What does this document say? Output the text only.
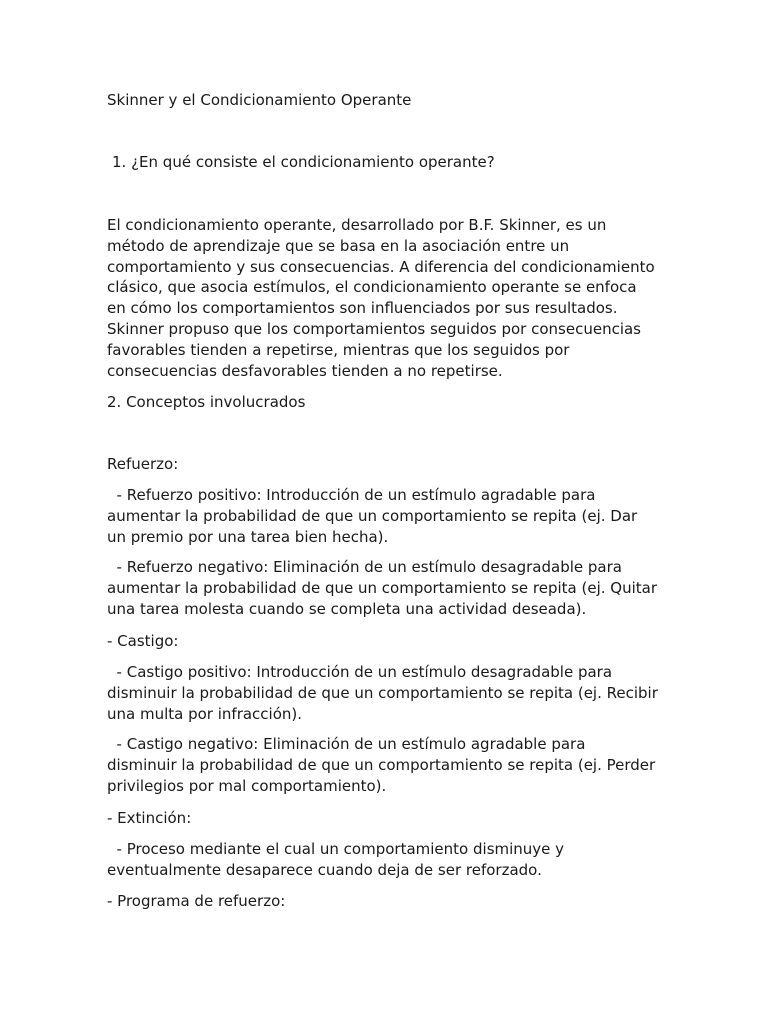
Skinner y el Condicionamiento Operante

1. ¿En qué consiste el condicionamiento operante?

El condicionamiento operante, desarrollado por B.F. Skinner, es un
método de aprendizaje que se basa en la asociación entre un
comportamiento y sus consecuencias. A diferencia del condicionamiento
clásico, que asocia estímulos, el condicionamiento operante se enfoca
en cómo los comportamientos son influenciados por sus resultados.
Skinner propuso que los comportamientos seguidos por consecuencias
favorables tienden a repetirse, mientras que los seguidos por
consecuencias desfavorables tienden a no repetirse.

2. Conceptos involucrados

Refuerzo:

- Refuerzo positivo: Introducción de un estímulo agradable para
aumentar la probabilidad de que un comportamiento se repita (ej. Dar
un premio por una tarea bien hecha).
- Refuerzo negativo: Eliminación de un estímulo desagradable para
aumentar la probabilidad de que un comportamiento se repita (ej. Quitar
una tarea molesta cuando se completa una actividad deseada).

- Castigo:

- Castigo positivo: Introducción de un estímulo desagradable para
disminuir la probabilidad de que un comportamiento se repita (ej. Recibir
una multa por infracción).
- Castigo negativo: Eliminación de un estímulo agradable para
disminuir la probabilidad de que un comportamiento se repita (ej. Perder
privilegios por mal comportamiento).

- Extinción:

- Proceso mediante el cual un comportamiento disminuye y
eventualmente desaparece cuando deja de ser reforzado.

- Programa de refuerzo:
